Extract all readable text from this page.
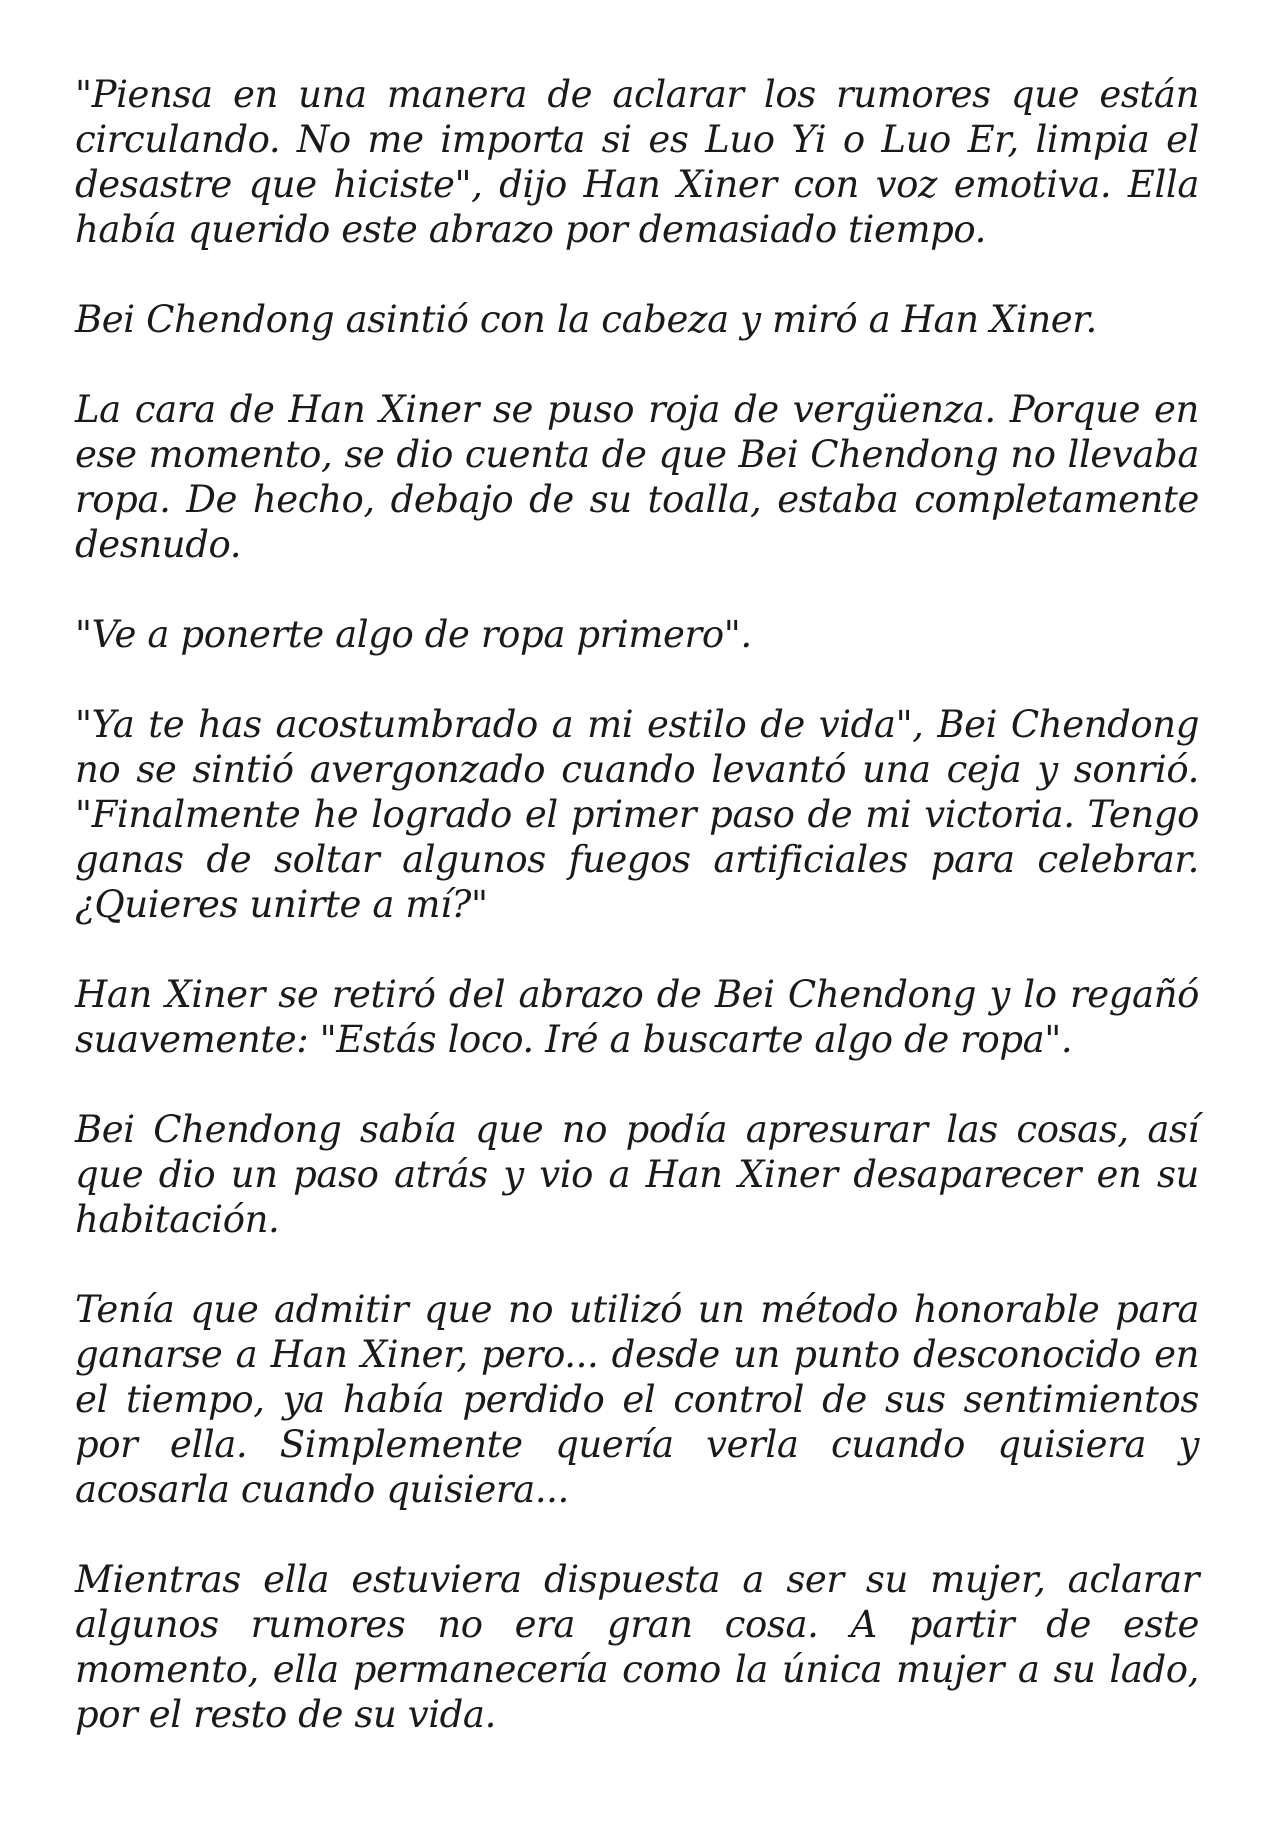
"Piensa en una manera de aclarar los rumores que están circulando. No me importa si es Luo Yi o Luo Er, limpia el desastre que hiciste", dijo Han Xiner con voz emotiva. Ella había querido este abrazo por demasiado tiempo.

Bei Chendong asintió con la cabeza y miró a Han Xiner.

La cara de Han Xiner se puso roja de vergüenza. Porque en ese momento, se dio cuenta de que Bei Chendong no llevaba ropa. De hecho, debajo de su toalla, estaba completamente desnudo.

"Ve a ponerte algo de ropa primero".

"Ya te has acostumbrado a mi estilo de vida", Bei Chendong no se sintió avergonzado cuando levantó una ceja y sonrió. "Finalmente he logrado el primer paso de mi victoria. Tengo ganas de soltar algunos fuegos artificiales para celebrar. ¿Quieres unirte a mí?"

Han Xiner se retiró del abrazo de Bei Chendong y lo regañó suavemente: "Estás loco. Iré a buscarte algo de ropa".

Bei Chendong sabía que no podía apresurar las cosas, así que dio un paso atrás y vio a Han Xiner desaparecer en su habitación.

Tenía que admitir que no utilizó un método honorable para ganarse a Han Xiner, pero... desde un punto desconocido en el tiempo, ya había perdido el control de sus sentimientos por ella. Simplemente quería verla cuando quisiera y acosarla cuando quisiera...

Mientras ella estuviera dispuesta a ser su mujer, aclarar algunos rumores no era gran cosa. A partir de este momento, ella permanecería como la única mujer a su lado, por el resto de su vida.
